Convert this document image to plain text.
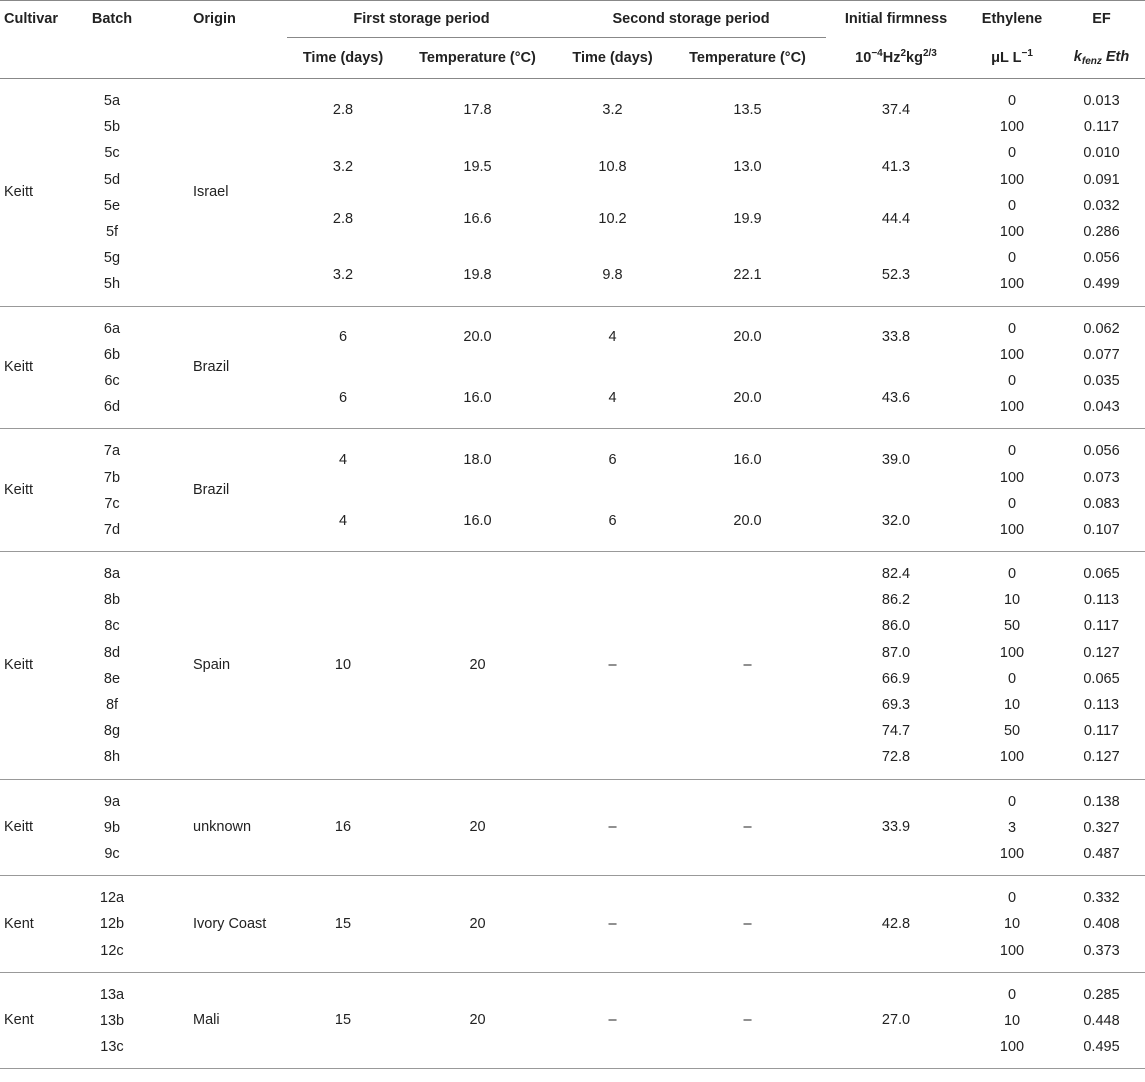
Cultivar	Batch	Origin	First storage period		Second storage period		Initial firmness	Ethylene	EF
			Time (days)	Temperature (°C)	Time (days)	Temperature (°C)	$10^{-4}Hz^2kg^{2/3}$	μL $L^{-1}$	$k_{fenz}$ Eth
Keitt	5a	Israel	2.8	17.8	3.2	13.5	37.4	0	0.013
	5b							100	0.117
	5c		3.2	19.5	10.8	13.0	41.3	0	0.010
	5d							100	0.091
	5e		2.8	16.6	10.2	19.9	44.4	0	0.032
	5f							100	0.286
	5g		3.2	19.8	9.8	22.1	52.3	0	0.056
	5h							100	0.499
Keitt	6a	Brazil	6	20.0	4	20.0	33.8	0	0.062
	6b							100	0.077
	6c		6	16.0	4	20.0	43.6	0	0.035
	6d							100	0.043
Keitt	7a	Brazil	4	18.0	6	16.0	39.0	0	0.056
	7b							100	0.073
	7c		4	16.0	6	20.0	32.0	0	0.083
	7d							100	0.107
Keitt	8a	Spain	10	20	–	–	82.4	0	0.065
	8b						86.2	10	0.113
	8c						86.0	50	0.117
	8d						87.0	100	0.127
	8e						66.9	0	0.065
	8f						69.3	10	0.113
	8g						74.7	50	0.117
	8h						72.8	100	0.127
Keitt	9a	unknown	16	20	–	–	33.9	0	0.138
	9b							3	0.327
	9c							100	0.487
Kent	12a	Ivory Coast	15	20	–	–	42.8	0	0.332
	12b							10	0.408
	12c							100	0.373
Kent	13a	Mali	15	20	–	–	27.0	0	0.285
	13b							10	0.448
	13c							100	0.495
